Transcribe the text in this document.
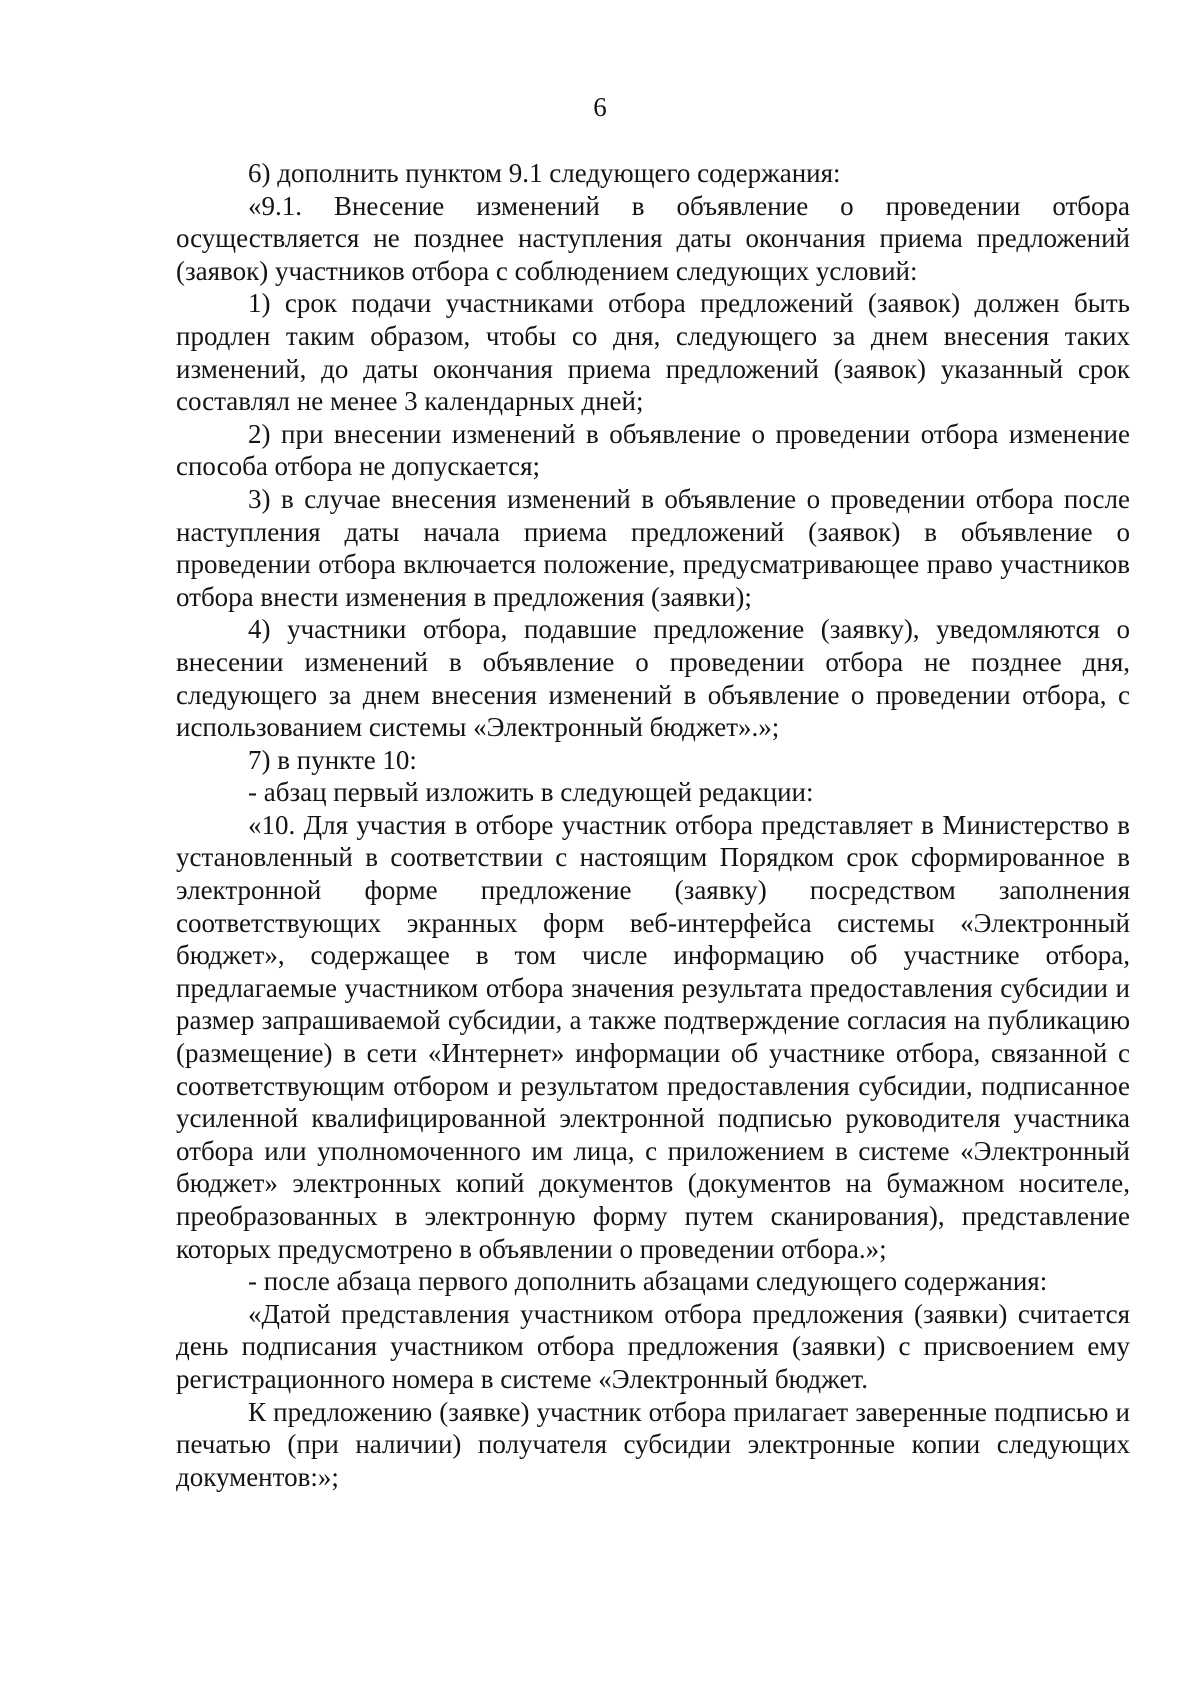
6

6) дополнить пунктом 9.1 следующего содержания:

«9.1. Внесение изменений в объявление о проведении отбора осуществляется не позднее наступления даты окончания приема предложений (заявок) участников отбора с соблюдением следующих условий:

1) срок подачи участниками отбора предложений (заявок) должен быть продлен таким образом, чтобы со дня, следующего за днем внесения таких изменений, до даты окончания приема предложений (заявок) указанный срок составлял не менее 3 календарных дней;

2) при внесении изменений в объявление о проведении отбора изменение способа отбора не допускается;

3) в случае внесения изменений в объявление о проведении отбора после наступления даты начала приема предложений (заявок) в объявление о проведении отбора включается положение, предусматривающее право участников отбора внести изменения в предложения (заявки);

4) участники отбора, подавшие предложение (заявку), уведомляются о внесении изменений в объявление о проведении отбора не позднее дня, следующего за днем внесения изменений в объявление о проведении отбора, с использованием системы «Электронный бюджет».»;

7) в пункте 10:

- абзац первый изложить в следующей редакции:

«10. Для участия в отборе участник отбора представляет в Министерство в установленный в соответствии с настоящим Порядком срок сформированное в электронной форме предложение (заявку) посредством заполнения соответствующих экранных форм веб-интерфейса системы «Электронный бюджет», содержащее в том числе информацию об участнике отбора, предлагаемые участником отбора значения результата предоставления субсидии и размер запрашиваемой субсидии, а также подтверждение согласия на публикацию (размещение) в сети «Интернет» информации об участнике отбора, связанной с соответствующим отбором и результатом предоставления субсидии, подписанное усиленной квалифицированной электронной подписью руководителя участника отбора или уполномоченного им лица, с приложением в системе «Электронный бюджет» электронных копий документов (документов на бумажном носителе, преобразованных в электронную форму путем сканирования), представление которых предусмотрено в объявлении о проведении отбора.»;

- после абзаца первого дополнить абзацами следующего содержания:

«Датой представления участником отбора предложения (заявки) считается день подписания участником отбора предложения (заявки) с присвоением ему регистрационного номера в системе «Электронный бюджет.

К предложению (заявке) участник отбора прилагает заверенные подписью и печатью (при наличии) получателя субсидии электронные копии следующих документов:»;
